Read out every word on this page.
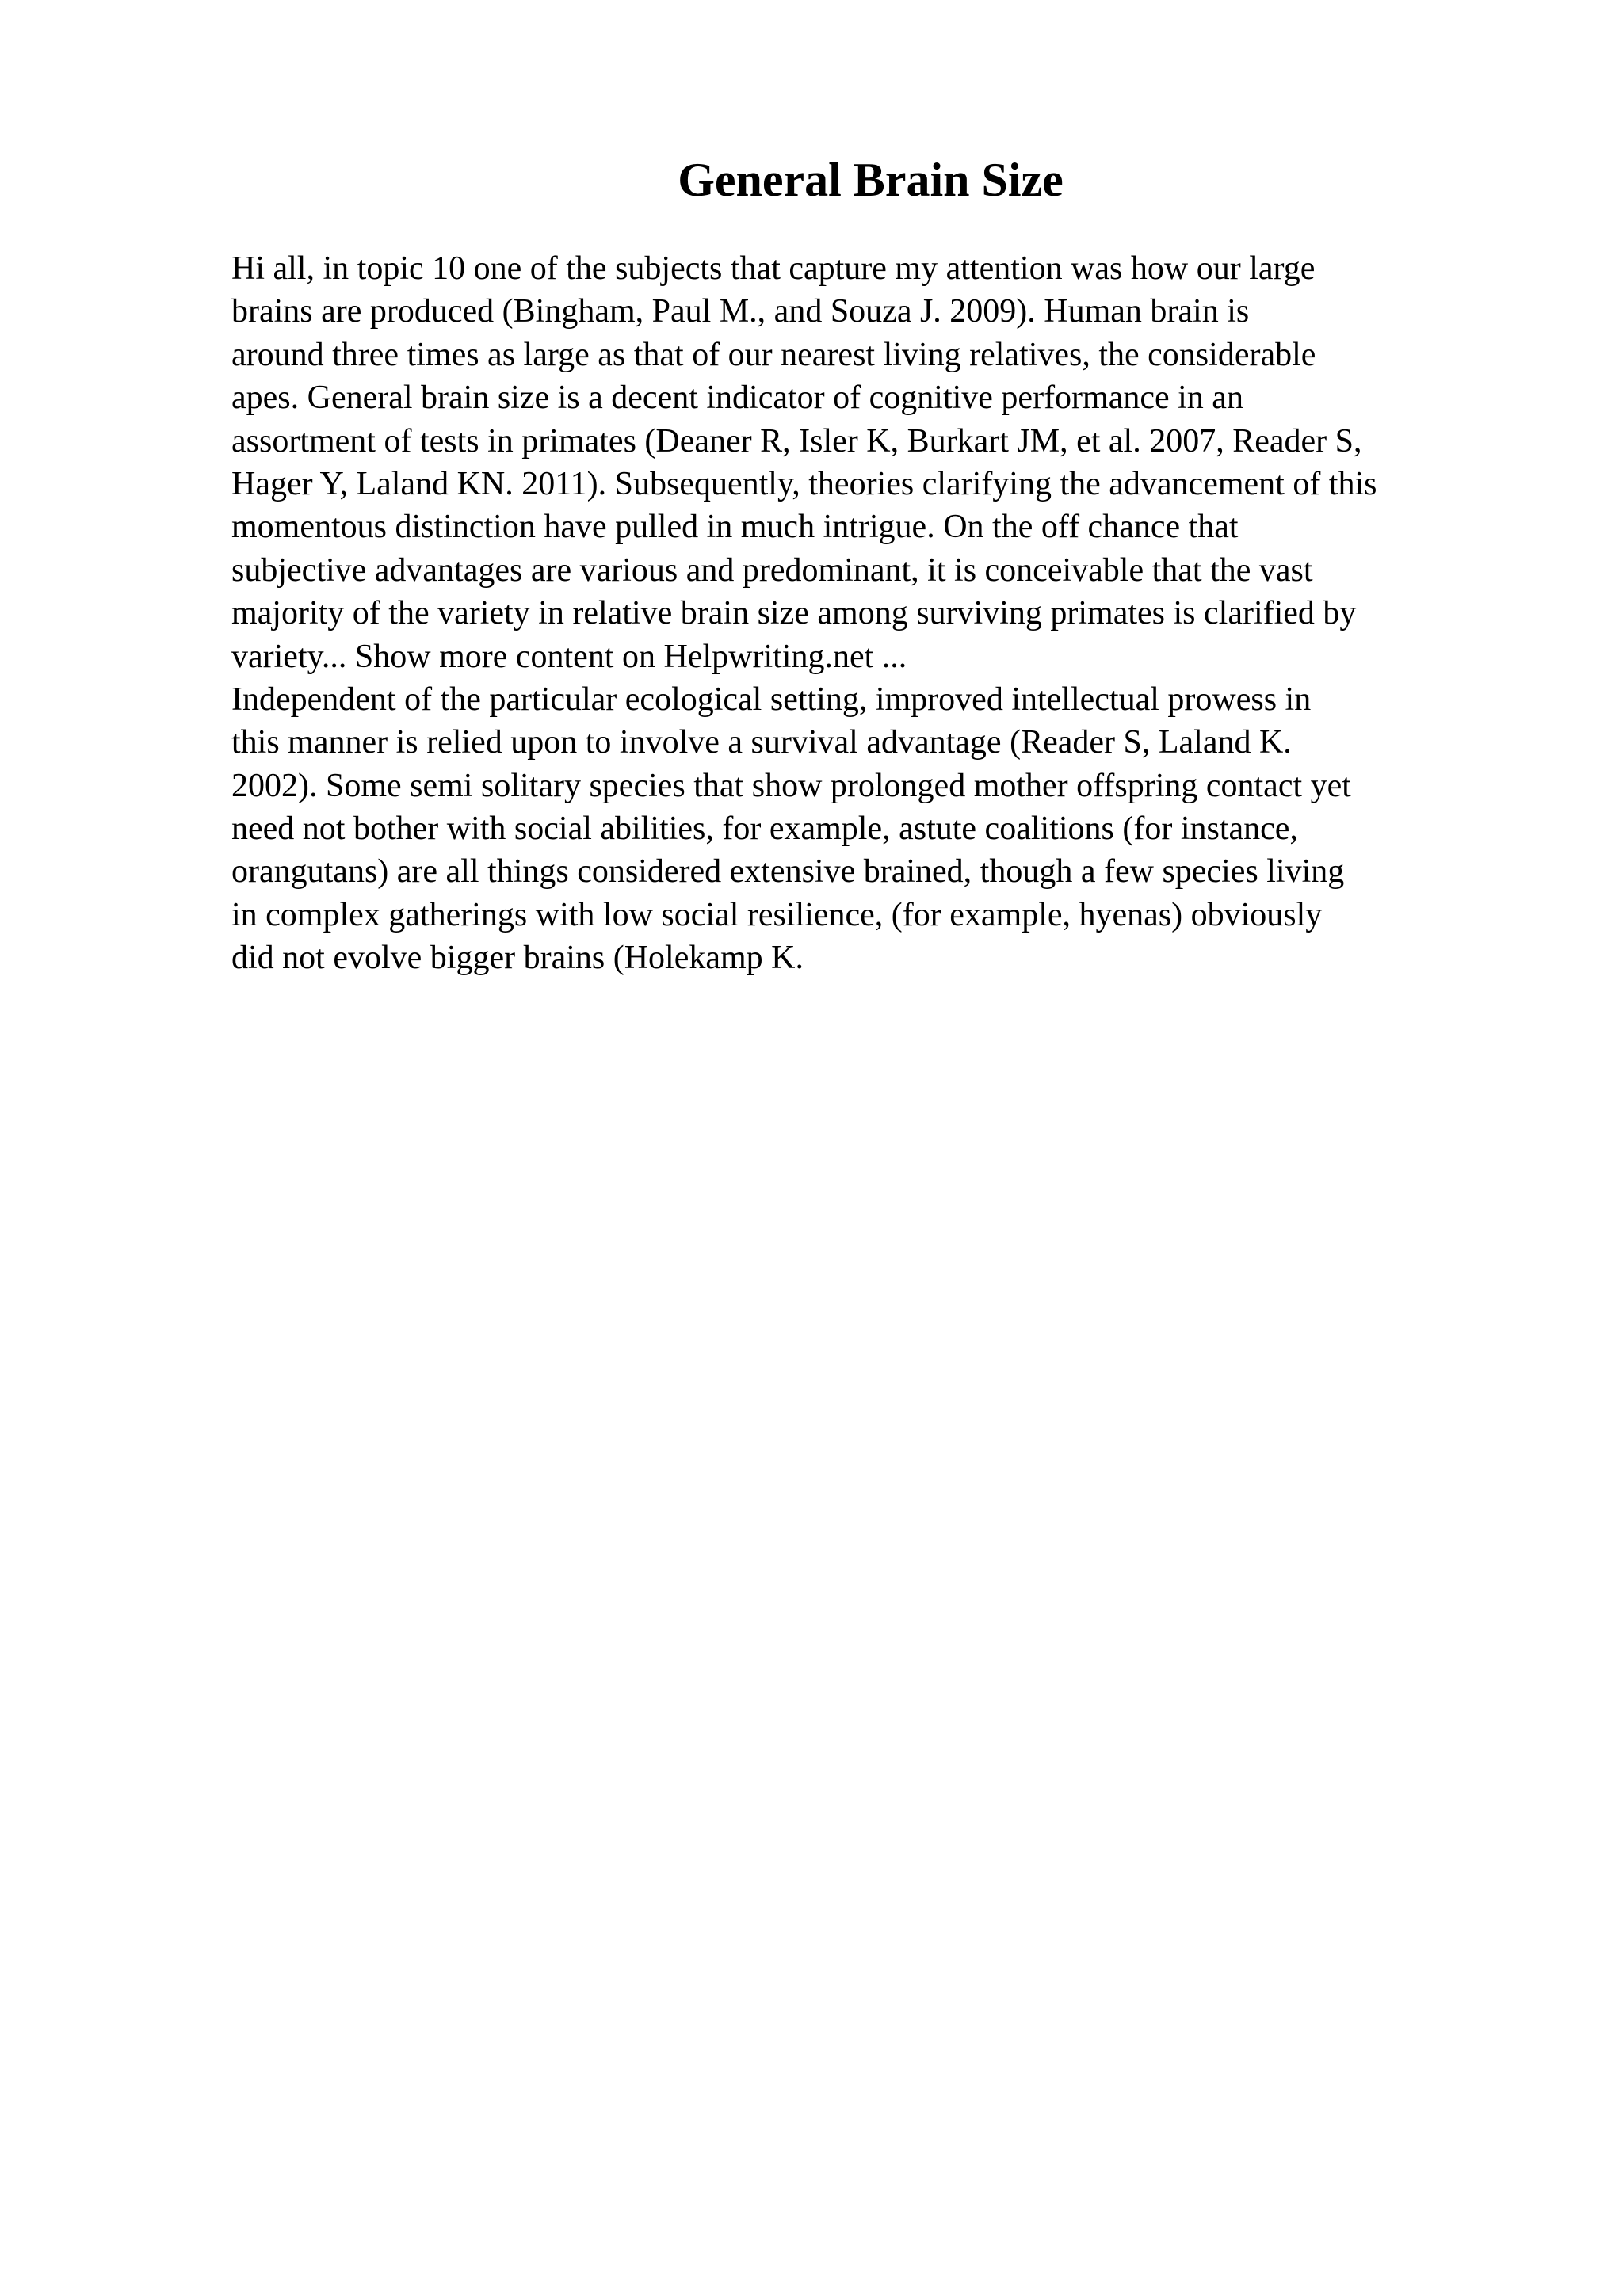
General Brain Size
Hi all, in topic 10 one of the subjects that capture my attention was how our large
brains are produced (Bingham, Paul M., and Souza J. 2009). Human brain is
around three times as large as that of our nearest living relatives, the considerable
apes. General brain size is a decent indicator of cognitive performance in an
assortment of tests in primates (Deaner R, Isler K, Burkart JM, et al. 2007, Reader S,
Hager Y, Laland KN. 2011). Subsequently, theories clarifying the advancement of this
momentous distinction have pulled in much intrigue. On the off chance that
subjective advantages are various and predominant, it is conceivable that the vast
majority of the variety in relative brain size among surviving primates is clarified by
variety... Show more content on Helpwriting.net ...
Independent of the particular ecological setting, improved intellectual prowess in
this manner is relied upon to involve a survival advantage (Reader S, Laland K.
2002). Some semi solitary species that show prolonged mother offspring contact yet
need not bother with social abilities, for example, astute coalitions (for instance,
orangutans) are all things considered extensive brained, though a few species living
in complex gatherings with low social resilience, (for example, hyenas) obviously
did not evolve bigger brains (Holekamp K.
